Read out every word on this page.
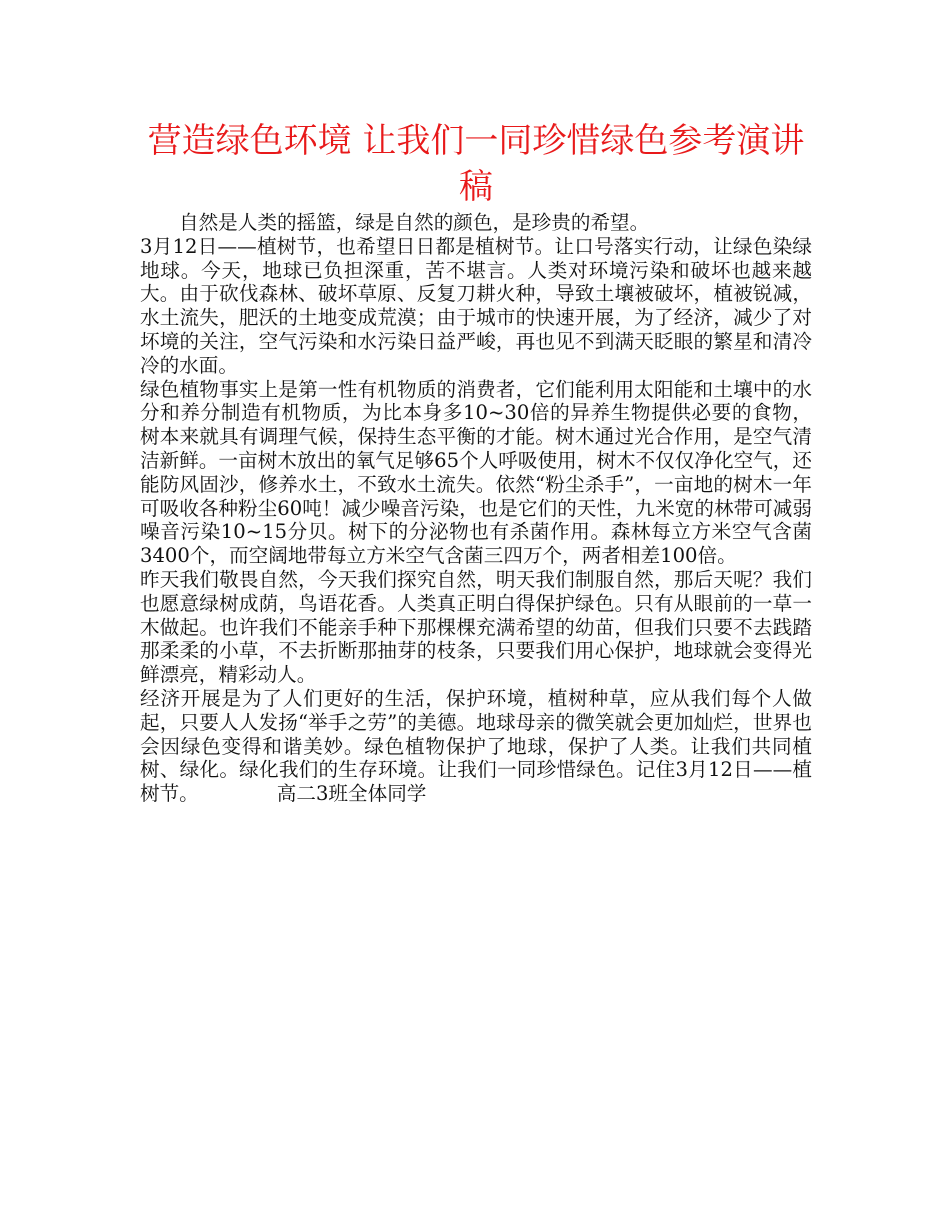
营造绿色环境 让我们一同珍惜绿色参考演讲稿

自然是人类的摇篮，绿是自然的颜色，是珍贵的希望。

3月12日——植树节，也希望日日都是植树节。让口号落实行动，让绿色染绿地球。今天，地球已负担深重，苦不堪言。人类对环境污染和破坏也越来越大。由于砍伐森林、破坏草原、反复刀耕火种，导致土壤被破坏，植被锐减，水土流失，肥沃的土地变成荒漠；由于城市的快速开展，为了经济，减少了对坏境的关注，空气污染和水污染日益严峻，再也见不到满天眨眼的繁星和清冷冷的水面。

绿色植物事实上是第一性有机物质的消费者，它们能利用太阳能和土壤中的水分和养分制造有机物质，为比本身多10~30倍的异养生物提供必要的食物，树本来就具有调理气候，保持生态平衡的才能。树木通过光合作用，是空气清洁新鲜。一亩树木放出的氧气足够65个人呼吸使用，树木不仅仅净化空气，还能防风固沙，修养水土，不致水土流失。依然“粉尘杀手”，一亩地的树木一年可吸收各种粉尘60吨！减少噪音污染，也是它们的天性，九米宽的林带可减弱噪音污染10~15分贝。树下的分泌物也有杀菌作用。森林每立方米空气含菌3400个，而空阔地带每立方米空气含菌三四万个，两者相差100倍。

昨天我们敬畏自然，今天我们探究自然，明天我们制服自然，那后天呢？我们也愿意绿树成荫，鸟语花香。人类真正明白得保护绿色。只有从眼前的一草一木做起。也许我们不能亲手种下那棵棵充满希望的幼苗，但我们只要不去践踏那柔柔的小草，不去折断那抽芽的枝条，只要我们用心保护，地球就会变得光鲜漂亮，精彩动人。

经济开展是为了人们更好的生活，保护环境，植树种草，应从我们每个人做起，只要人人发扬“举手之劳”的美德。地球母亲的微笑就会更加灿烂，世界也会因绿色变得和谐美妙。绿色植物保护了地球，保护了人类。让我们共同植树、绿化。绿化我们的生存环境。让我们一同珍惜绿色。记住3月12日——植树节。	高二3班全体同学
